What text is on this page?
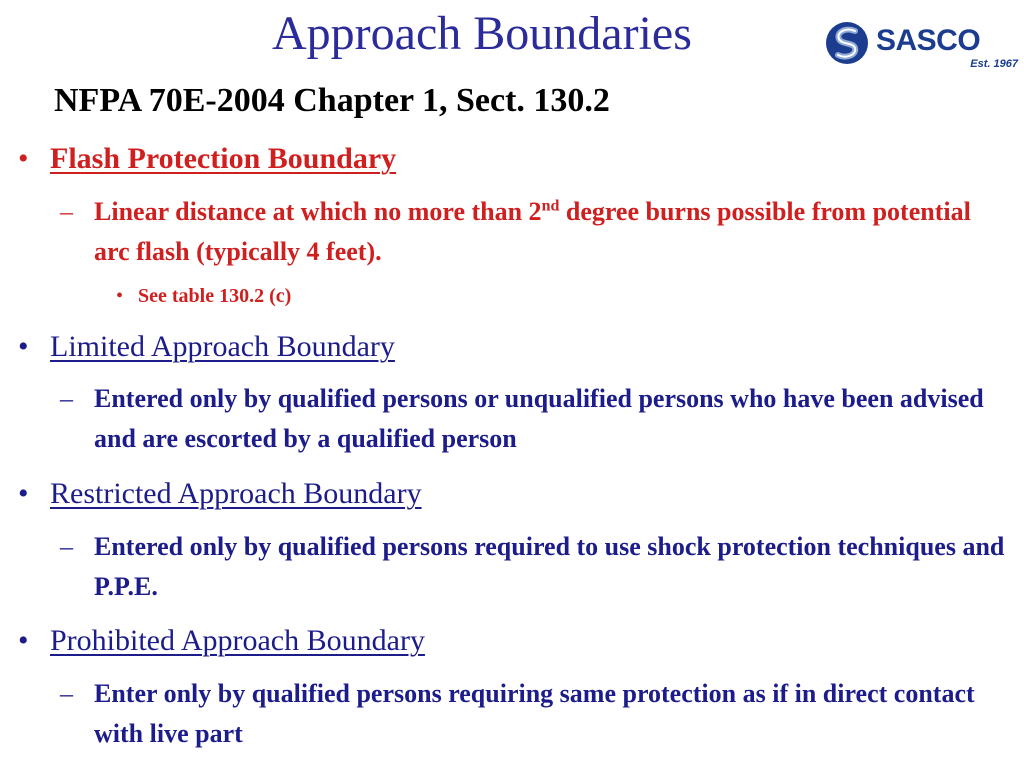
Approach Boundaries	SASCO
Est. 1967
NFPA 70E-2004 Chapter 1, Sect. 130.2
• Flash Protection Boundary
– Linear distance at which no more than 2nd degree burns possible from potential arc flash (typically 4 feet).
• See table 130.2 (c)
• Limited Approach Boundary
– Entered only by qualified persons or unqualified persons who have been advised and are escorted by a qualified person
• Restricted Approach Boundary
– Entered only by qualified persons required to use shock protection techniques and P.P.E.
• Prohibited Approach Boundary
– Enter only by qualified persons requiring same protection as if in direct contact with live part
